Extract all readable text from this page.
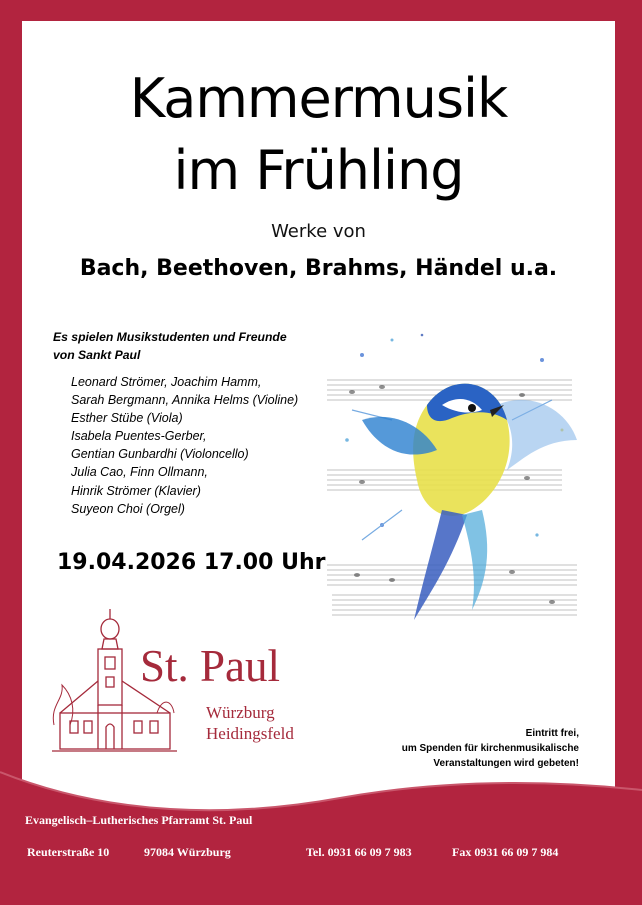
Kammermusik
im Frühling
Werke von
Bach, Beethoven, Brahms, Händel u.a.
Es spielen Musikstudenten und Freunde
von Sankt Paul
Leonard Strömer, Joachim Hamm,
Sarah Bergmann, Annika Helms (Violine)
Esther Stübe (Viola)
Isabela Puentes-Gerber,
Gentian Gunbardhi (Violoncello)
Julia Cao, Finn Ollmann,
Hinrik Strömer (Klavier)
Suyeon Choi (Orgel)
19.04.2026 17.00 Uhr
St. Paul
Würzburg
Heidingsfeld	Eintritt frei,
um Spenden für kirchenmusikalische
Veranstaltungen wird gebeten!
Evangelisch–Lutherisches Pfarramt St. Paul
Reuterstraße 10	97084 Würzburg	Tel. 0931 66 09 7 983	Fax 0931 66 09 7 984
